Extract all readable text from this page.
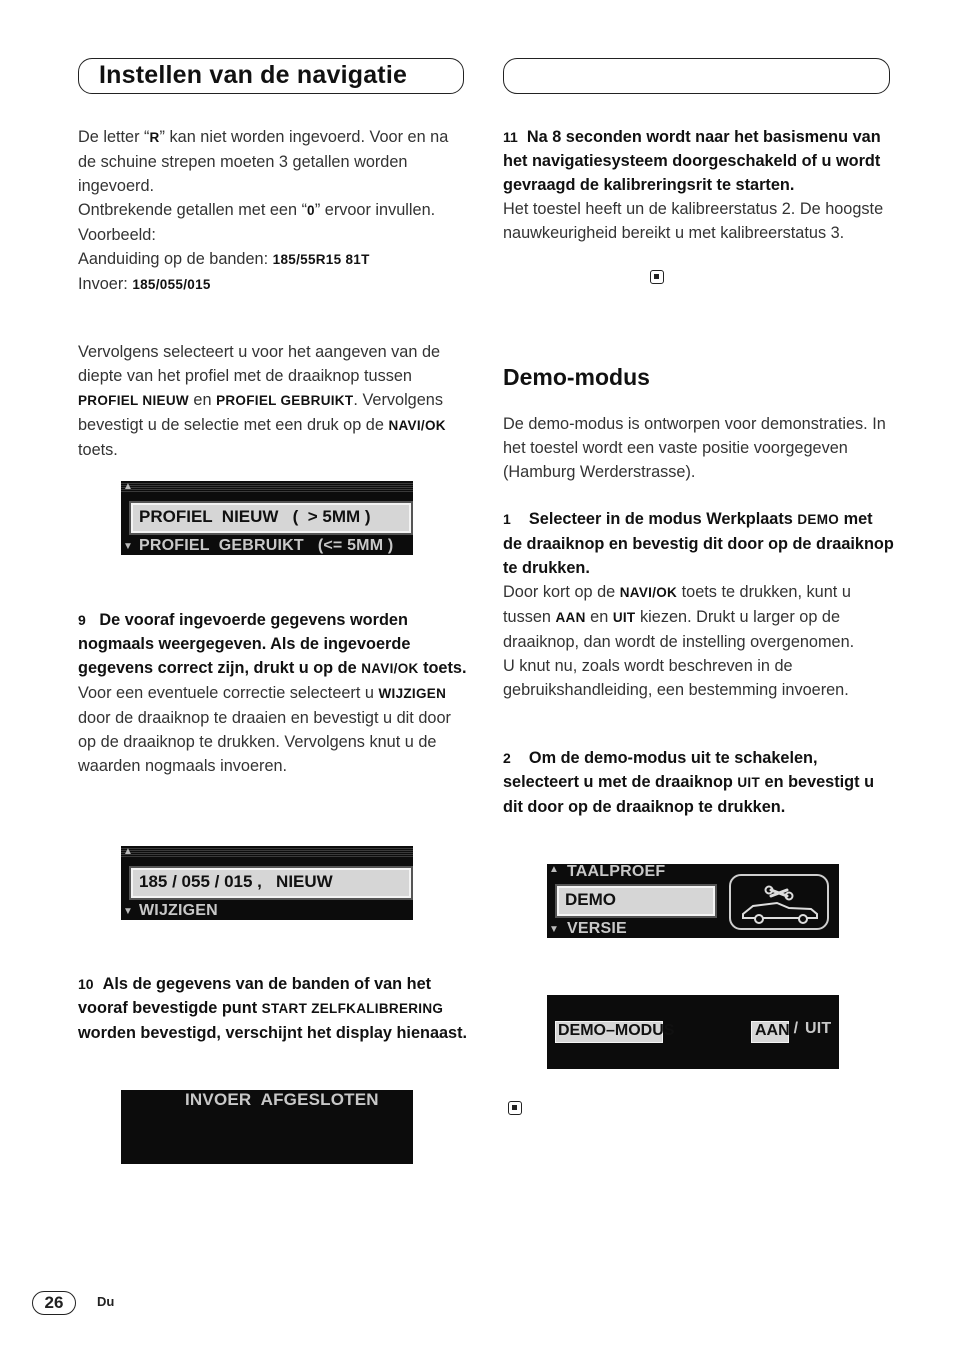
Instellen van de navigatie

De letter “R” kan niet worden ingevoerd. Voor en na de schuine strepen moeten 3 getallen worden ingevoerd.

Ontbrekende getallen met een “0” ervoor invullen.

Voorbeeld:

Aanduiding op de banden: 185/55R15 81T

Invoer: 185/055/015

Vervolgens selecteert u voor het aangeven van de diepte van het profiel met de draaiknop tussen PROFIEL NIEUW en PROFIEL GEBRUIKT. Vervolgens bevestigt u de selectie met een druk op de NAVI/OK toets.

▲
PROFIEL  NIEUW   (  > 5MM )
▼ PROFIEL  GEBRUIKT   (<= 5MM )

9 De vooraf ingevoerde gegevens worden nogmaals weergegeven. Als de ingevoerde gegevens correct zijn, drukt u op de NAVI/OK toets.

Voor een eventuele correctie selecteert u WIJZIGEN door de draaiknop te draaien en bevestigt u dit door op de draaiknop te drukken. Vervolgens knut u de waarden nogmaals invoeren.

▲
185 / 055 / 015 ,   NIEUW
▼ WIJZIGEN

10 Als de gegevens van de banden of van het vooraf bevestigde punt START ZELFKALIBRERING worden bevestigd, verschijnt het display hienaast.

INVOER  AFGESLOTEN

11 Na 8 seconden wordt naar het basismenu van het navigatiesysteem doorgeschakeld of u wordt gevraagd de kalibreringsrit te starten.

Het toestel heeft un de kalibreerstatus 2. De hoogste nauwkeurigheid bereikt u met kalibreerstatus 3.

Demo-modus

De demo-modus is ontworpen voor demonstraties. In het toestel wordt een vaste positie voorgegeven (Hamburg Werderstrasse).

1 Selecteer in de modus Werkplaats DEMO met de draaiknop en bevestig dit door op de draaiknop te drukken.

Door kort op de NAVI/OK toets te drukken, kunt u tussen AAN en UIT kiezen. Drukt u larger op de draaiknop, dan wordt de instelling overgenomen.

U knut nu, zoals wordt beschreven in de gebruikshandleiding, een bestemming invoeren.

2 Om de demo-modus uit te schakelen, selecteert u met de draaiknop UIT en bevestigt u dit door op de draaiknop te drukken.

▲ TAALPROEF
DEMO
▼ VERSIE
DEMO–MODUS	AAN / UIT
26	Du
